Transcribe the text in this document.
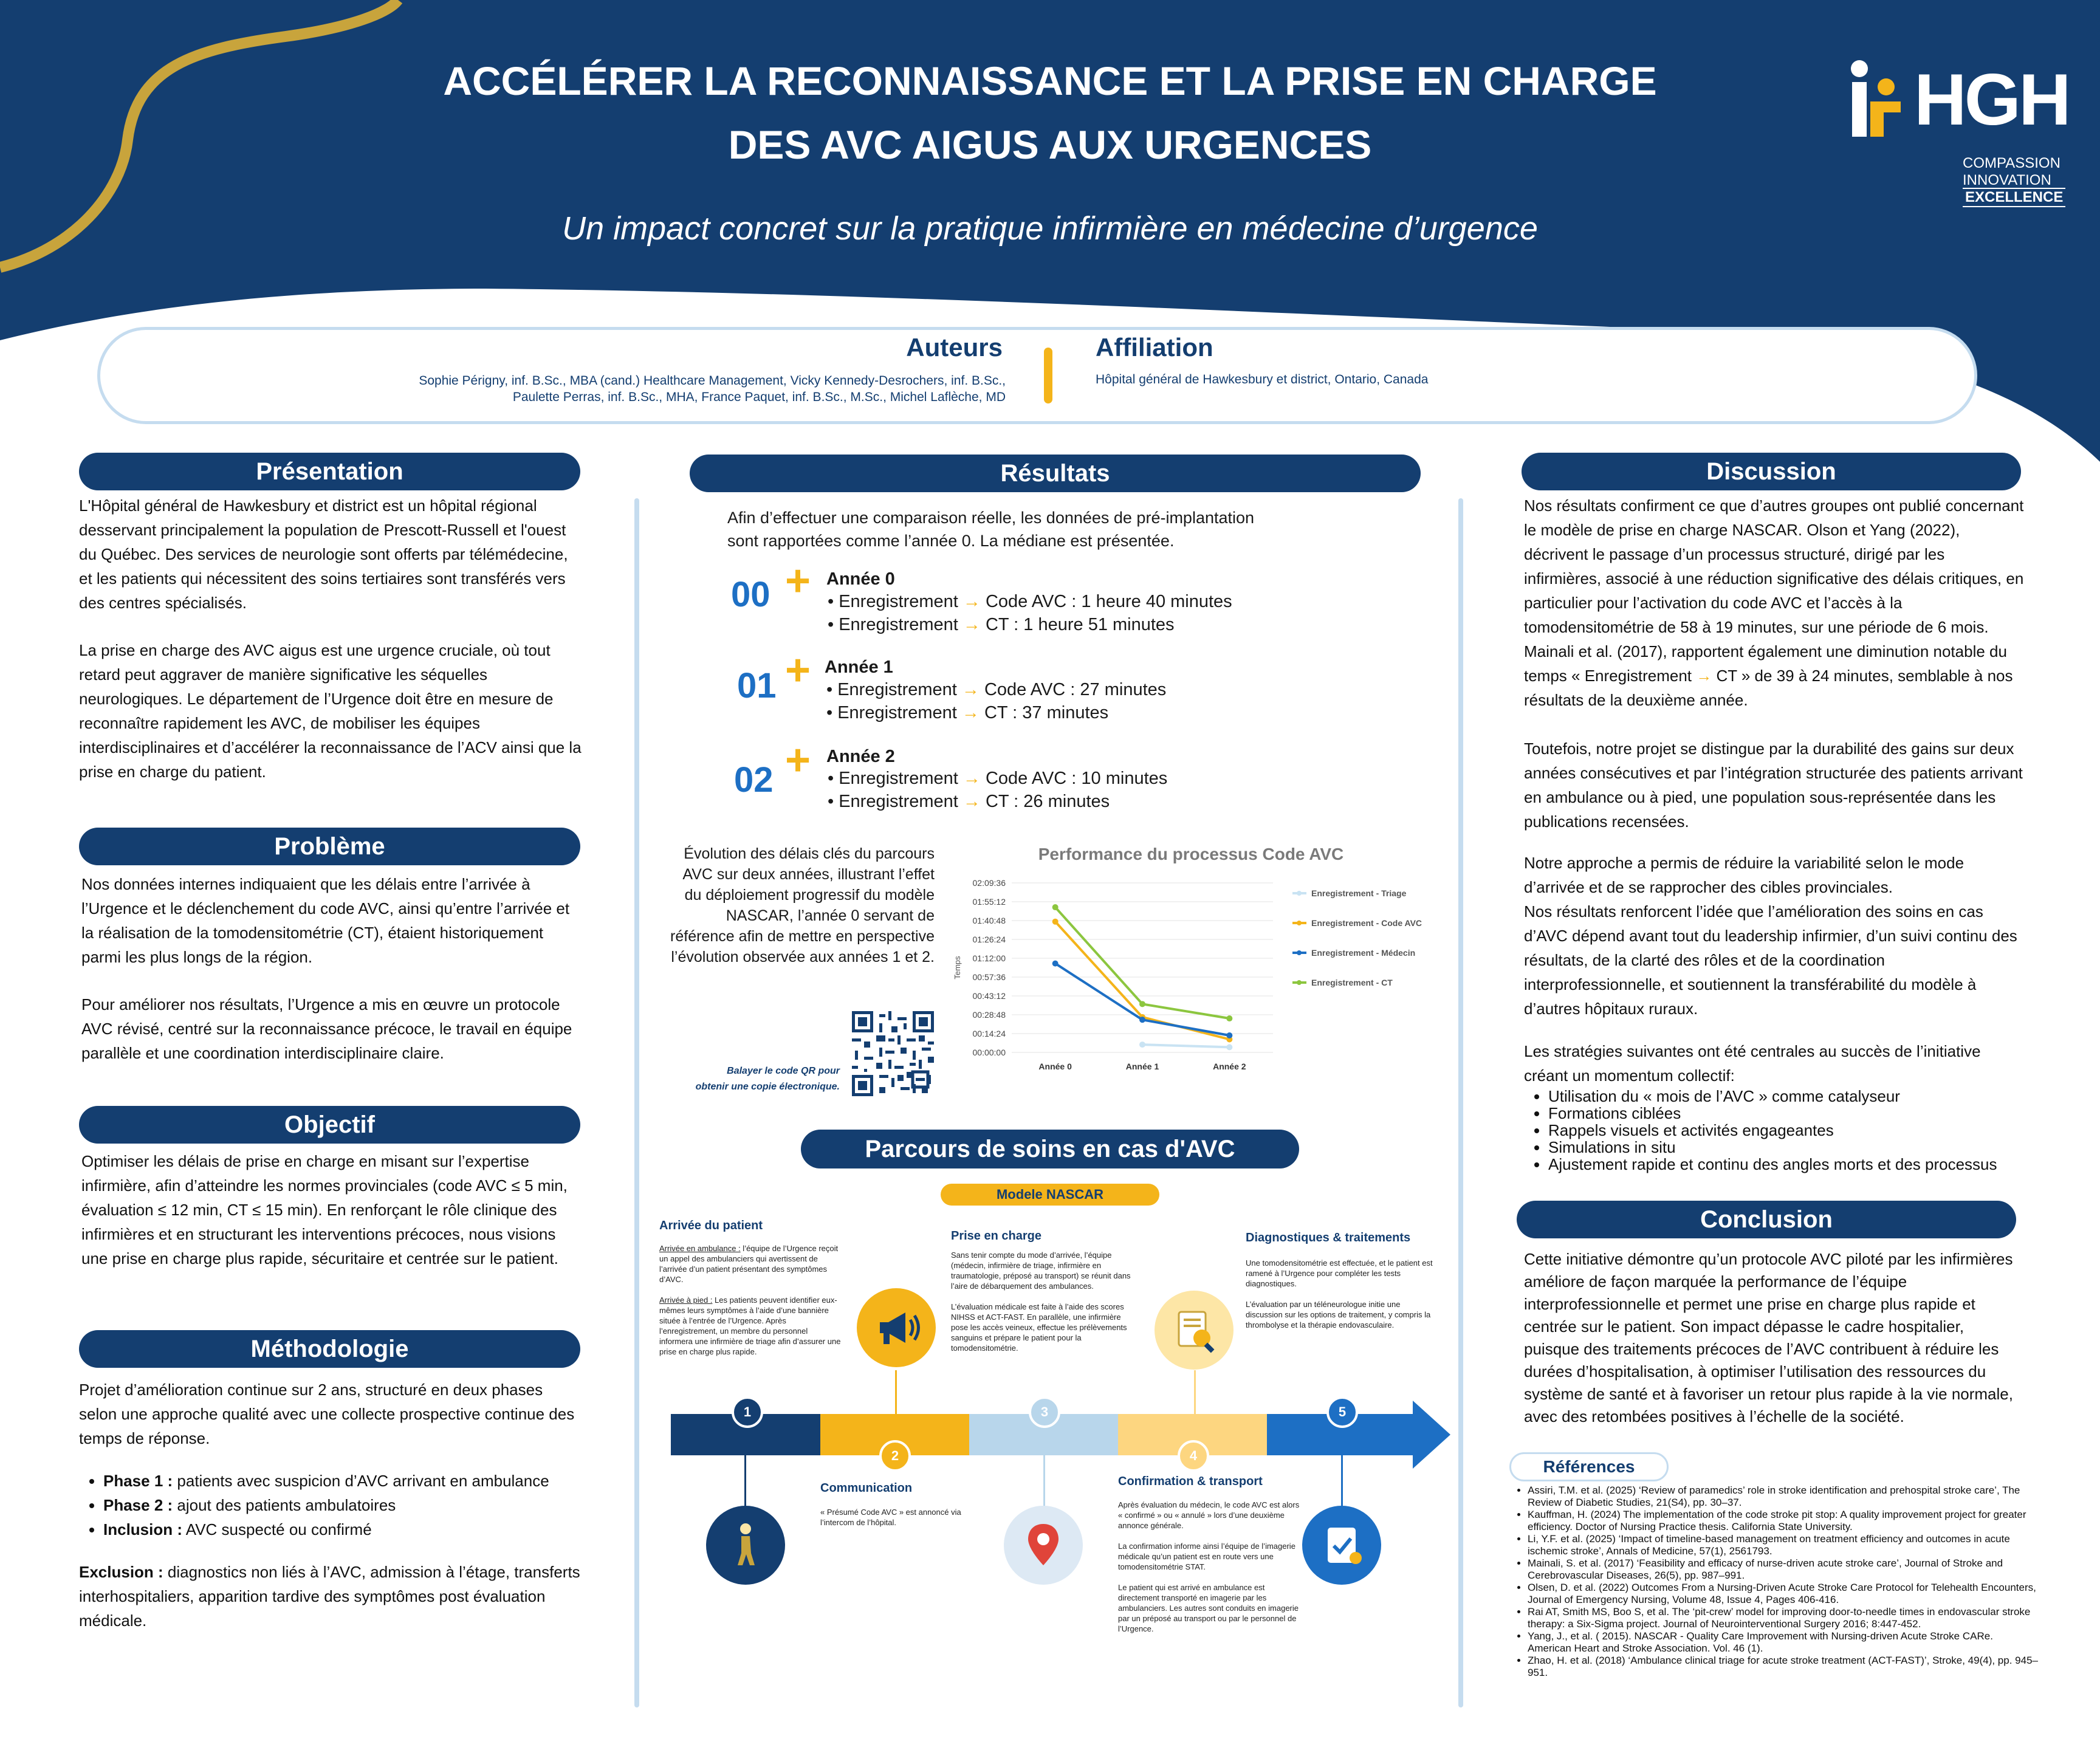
ACCÉLÉRER LA RECONNAISSANCE ET LA PRISE EN CHARGE
DES AVC AIGUS AUX URGENCES
Un impact concret sur la pratique infirmière en médecine d’urgence
HGH
COMPASSION
INNOVATION
EXCELLENCE
Auteurs
Sophie Périgny, inf. B.Sc., MBA (cand.) Healthcare Management, Vicky Kennedy-Desrochers, inf. B.Sc.,
Paulette Perras, inf. B.Sc., MHA, France Paquet, inf. B.Sc., M.Sc., Michel Laflèche, MD
Affiliation
Hôpital général de Hawkesbury et district, Ontario, Canada
Présentation

L'Hôpital général de Hawkesbury et district est un hôpital régional desservant principalement la population de Prescott-Russell et l'ouest du Québec. Des services de neurologie sont offerts par télémédecine, et les patients qui nécessitent des soins tertiaires sont transférés vers des centres spécialisés.

La prise en charge des AVC aigus est une urgence cruciale, où tout retard peut aggraver de manière significative les séquelles neurologiques. Le département de l’Urgence doit être en mesure de reconnaître rapidement les AVC, de mobiliser les équipes interdisciplinaires et d’accélérer la reconnaissance de l’ACV ainsi que la prise en charge du patient.

Problème

Nos données internes indiquaient que les délais entre l’arrivée à l’Urgence et le déclenchement du code AVC, ainsi qu’entre l’arrivée et la réalisation de la tomodensitométrie (CT), étaient historiquement parmi les plus longs de la région.

Pour améliorer nos résultats, l’Urgence a mis en œuvre un protocole AVC révisé, centré sur la reconnaissance précoce, le travail en équipe parallèle et une coordination interdisciplinaire claire.

Objectif

Optimiser les délais de prise en charge en misant sur l’expertise infirmière, afin d’atteindre les normes provinciales (code AVC ≤ 5 min, évaluation ≤ 12 min, CT ≤ 15 min). En renforçant le rôle clinique des infirmières et en structurant les interventions précoces, nous visions une prise en charge plus rapide, sécuritaire et centrée sur le patient.

Méthodologie

Projet d’amélioration continue sur 2 ans, structuré en deux phases selon une approche qualité avec une collecte prospective continue des temps de réponse.

• Phase 1 : patients avec suspicion d’AVC arrivant en ambulance
• Phase 2 : ajout des patients ambulatoires
• Inclusion : AVC suspecté ou confirmé

Exclusion : diagnostics non liés à l’AVC, admission à l’étage, transferts interhospitaliers, apparition tardive des symptômes post évaluation médicale.

Résultats
Afin d’effectuer une comparaison réelle, les données de pré-implantation
sont rapportées comme l’année 0. La médiane est présentée.
00 + Année 0
• Enregistrement → Code AVC : 1 heure 40 minutes
• Enregistrement → CT : 1 heure 51 minutes
01 + Année 1
• Enregistrement → Code AVC : 27 minutes
• Enregistrement → CT : 37 minutes
02 + Année 2
• Enregistrement → Code AVC : 10 minutes
• Enregistrement → CT : 26 minutes
Évolution des délais clés du parcours AVC sur deux années, illustrant l’effet du déploiement progressif du modèle NASCAR, l’année 0 servant de référence afin de mettre en perspective l’évolution observée aux années 1 et 2.
Balayer le code QR pour
obtenir une copie électronique.
Performance du processus Code AVC
00:00:00
00:14:24
00:28:48
00:43:12
00:57:36
01:12:00
01:26:24
01:40:48
01:55:12
02:09:36
Temps
Année 0	Année 1	Année 2
Enregistrement - Triage
Enregistrement - Code AVC
Enregistrement - Médecin
Enregistrement - CT
Parcours de soins en cas d'AVC
Modele NASCAR
Arrivée du patient
Arrivée en ambulance : l’équipe de l’Urgence reçoit un appel des ambulanciers qui avertissent de l’arrivée d’un patient présentant des symptômes d’AVC.
Arrivée à pied : Les patients peuvent identifier eux-mêmes leurs symptômes à l’aide d’une bannière située à l’entrée de l’Urgence. Après l’enregistrement, un membre du personnel informera une infirmière de triage afin d’assurer une prise en charge plus rapide.
Prise en charge
Sans tenir compte du mode d’arrivée, l’équipe (médecin, infirmière de triage, infirmière en traumatologie, préposé au transport) se réunit dans l’aire de débarquement des ambulances.
L’évaluation médicale est faite à l’aide des scores NIHSS et ACT-FAST. En parallèle, une infirmière pose les accès veineux, effectue les prélèvements sanguins et prépare le patient pour la tomodensitométrie.
Diagnostiques & traitements
Une tomodensitométrie est effectuée, et le patient est ramené à l’Urgence pour compléter les tests diagnostiques.
L’évaluation par un téléneurologue initie une discussion sur les options de traitement, y compris la thrombolyse et la thérapie endovasculaire.
1
2
3
4
5
Communication
« Présumé Code AVC » est annoncé via l’intercom de l’hôpital.
Confirmation & transport
Après évaluation du médecin, le code AVC est alors « confirmé » ou « annulé » lors d’une deuxième annonce générale.
La confirmation informe ainsi l’équipe de l’imagerie médicale qu’un patient est en route vers une tomodensitométrie STAT.
Le patient qui est arrivé en ambulance est directement transporté en imagerie par les ambulanciers. Les autres sont conduits en imagerie par un préposé au transport ou par le personnel de l’Urgence.
Discussion

Nos résultats confirment ce que d’autres groupes ont publié concernant le modèle de prise en charge NASCAR. Olson et Yang (2022), décrivent le passage d’un processus structuré, dirigé par les infirmières, associé à une réduction significative des délais critiques, en particulier pour l’activation du code AVC et l’accès à la tomodensitométrie de 58 à 19 minutes, sur une période de 6 mois. Mainali et al. (2017), rapportent également une diminution notable du temps « Enregistrement → CT » de 39 à 24 minutes, semblable à nos résultats de la deuxième année.

Toutefois, notre projet se distingue par la durabilité des gains sur deux années consécutives et par l’intégration structurée des patients arrivant en ambulance ou à pied, une population sous-représentée dans les publications recensées.

Notre approche a permis de réduire la variabilité selon le mode d’arrivée et de se rapprocher des cibles provinciales.

Nos résultats renforcent l’idée que l’amélioration des soins en cas d’AVC dépend avant tout du leadership infirmier, d’un suivi continu des résultats, de la clarté des rôles et de la coordination interprofessionnelle, et soutiennent la transférabilité du modèle à d’autres hôpitaux ruraux.

Les stratégies suivantes ont été centrales au succès de l’initiative créant un momentum collectif:

• Utilisation du « mois de l’AVC » comme catalyseur
• Formations ciblées
• Rappels visuels et activités engageantes
• Simulations in situ
• Ajustement rapide et continu des angles morts et des processus
Conclusion

Cette initiative démontre qu’un protocole AVC piloté par les infirmières améliore de façon marquée la performance de l’équipe interprofessionnelle et permet une prise en charge plus rapide et centrée sur le patient. Son impact dépasse le cadre hospitalier, puisque des traitements précoces de l’AVC contribuent à réduire les durées d’hospitalisation, à optimiser l’utilisation des ressources du système de santé et à favoriser un retour plus rapide à la vie normale, avec des retombées positives à l’échelle de la société.

Références
• Assiri, T.M. et al. (2025) ‘Review of paramedics’ role in stroke identification and prehospital stroke care’, The Review of Diabetic Studies, 21(S4), pp. 30–37.
• Kauffman, H. (2024) The implementation of the code stroke pit stop: A quality improvement project for greater efficiency. Doctor of Nursing Practice thesis. California State University.
• Li, Y.F. et al. (2025) ‘Impact of timeline-based management on treatment efficiency and outcomes in acute ischemic stroke’, Annals of Medicine, 57(1), 2561793.
• Mainali, S. et al. (2017) ‘Feasibility and efficacy of nurse-driven acute stroke care’, Journal of Stroke and Cerebrovascular Diseases, 26(5), pp. 987–991.
• Olsen, D. et al. (2022) Outcomes From a Nursing-Driven Acute Stroke Care Protocol for Telehealth Encounters, Journal of Emergency Nursing, Volume 48, Issue 4, Pages 406-416.
• Rai AT, Smith MS, Boo S, et al. The ‘pit-crew’ model for improving door-to-needle times in endovascular stroke therapy: a Six-Sigma project. Journal of Neurointerventional Surgery 2016; 8:447-452.
• Yang, J., et al. ( 2015). NASCAR - Quality Care Improvement with Nursing-driven Acute Stroke CARe. American Heart and Stroke Association. Vol. 46 (1).
• Zhao, H. et al. (2018) ‘Ambulance clinical triage for acute stroke treatment (ACT-FAST)’, Stroke, 49(4), pp. 945–951.
